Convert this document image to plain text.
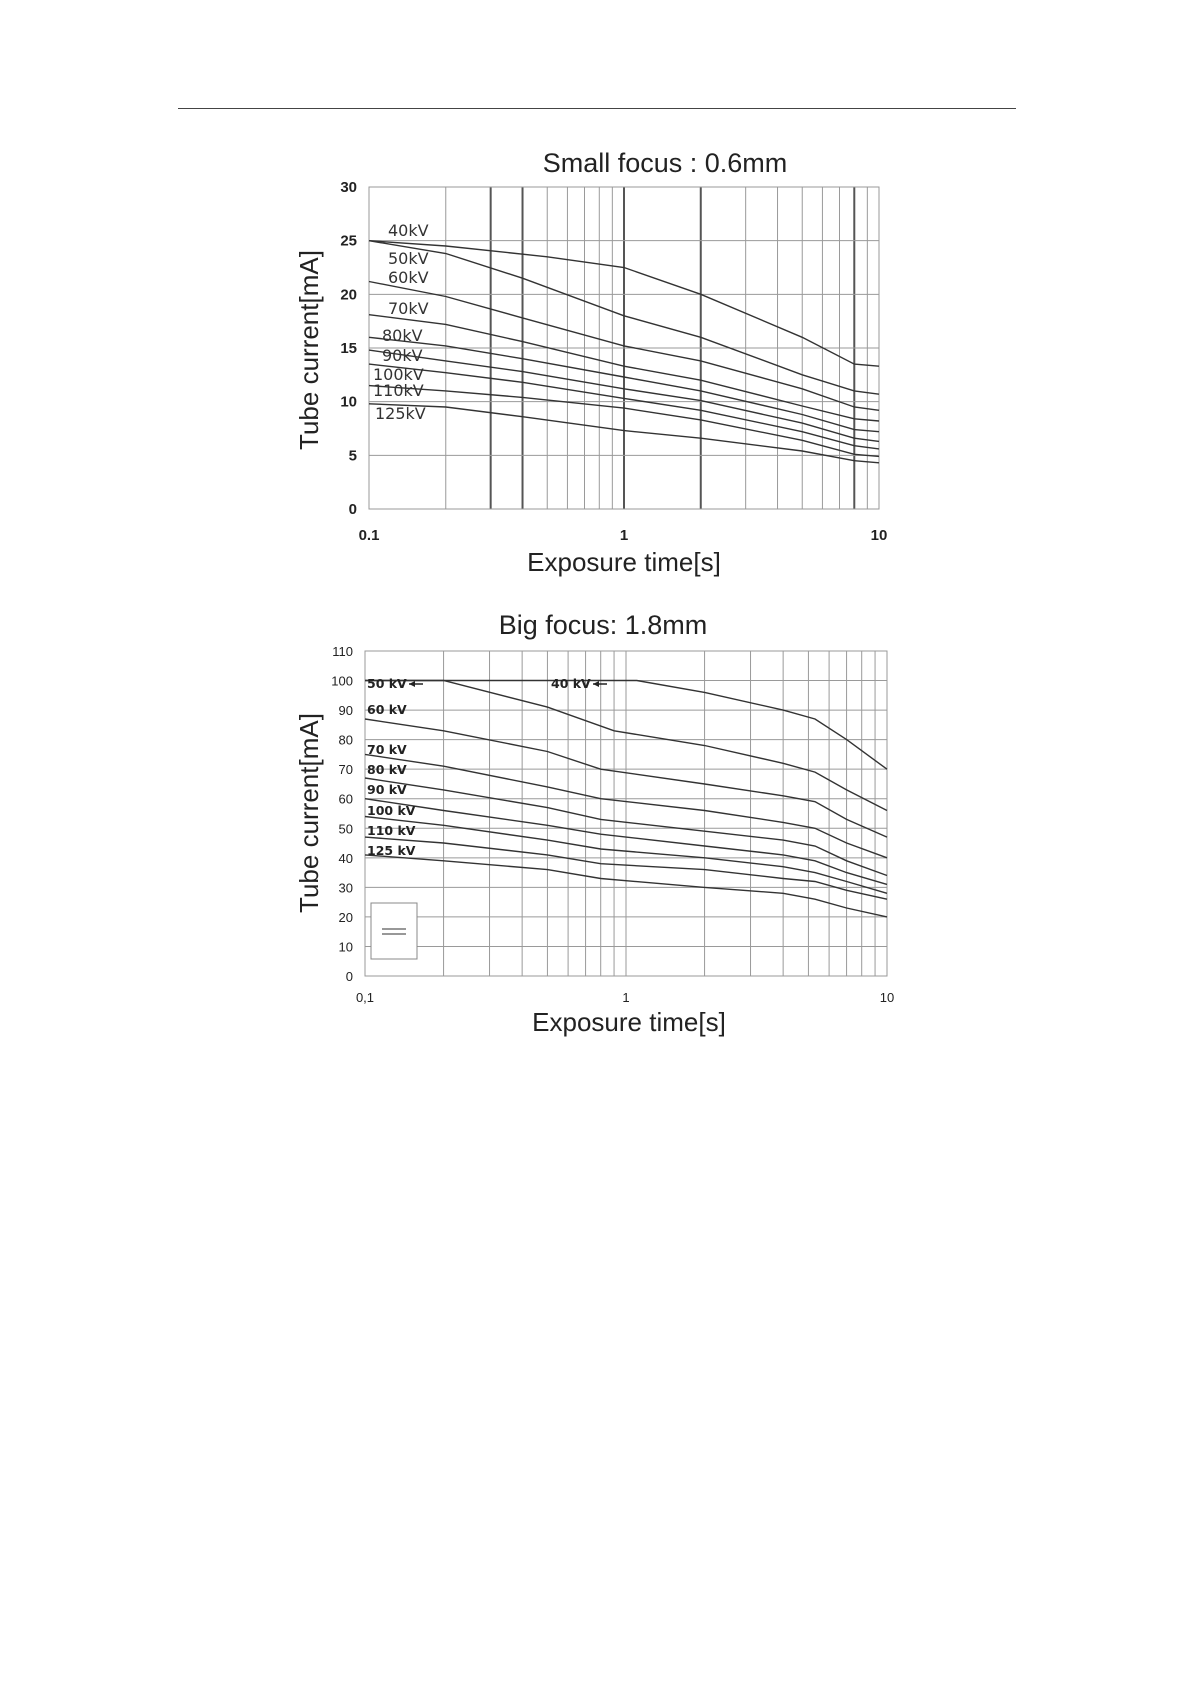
0
5
10
15
20
25
30
0.1	1	10
Small focus : 0.6mm
Exposure time[s]
Tube current[mA]
40kV
50kV
60kV
70kV
80kV
90kV
100kV
110kV
125kV
0
10
20
30
40
50
60
70
80
90
100
110
0,1	1	10
Big focus: 1.8mm
Exposure time[s]
Tube current[mA]
40 kV
50 kV
60 kV
70 kV
80 kV
90 kV
100 kV
110 kV
125 kV
